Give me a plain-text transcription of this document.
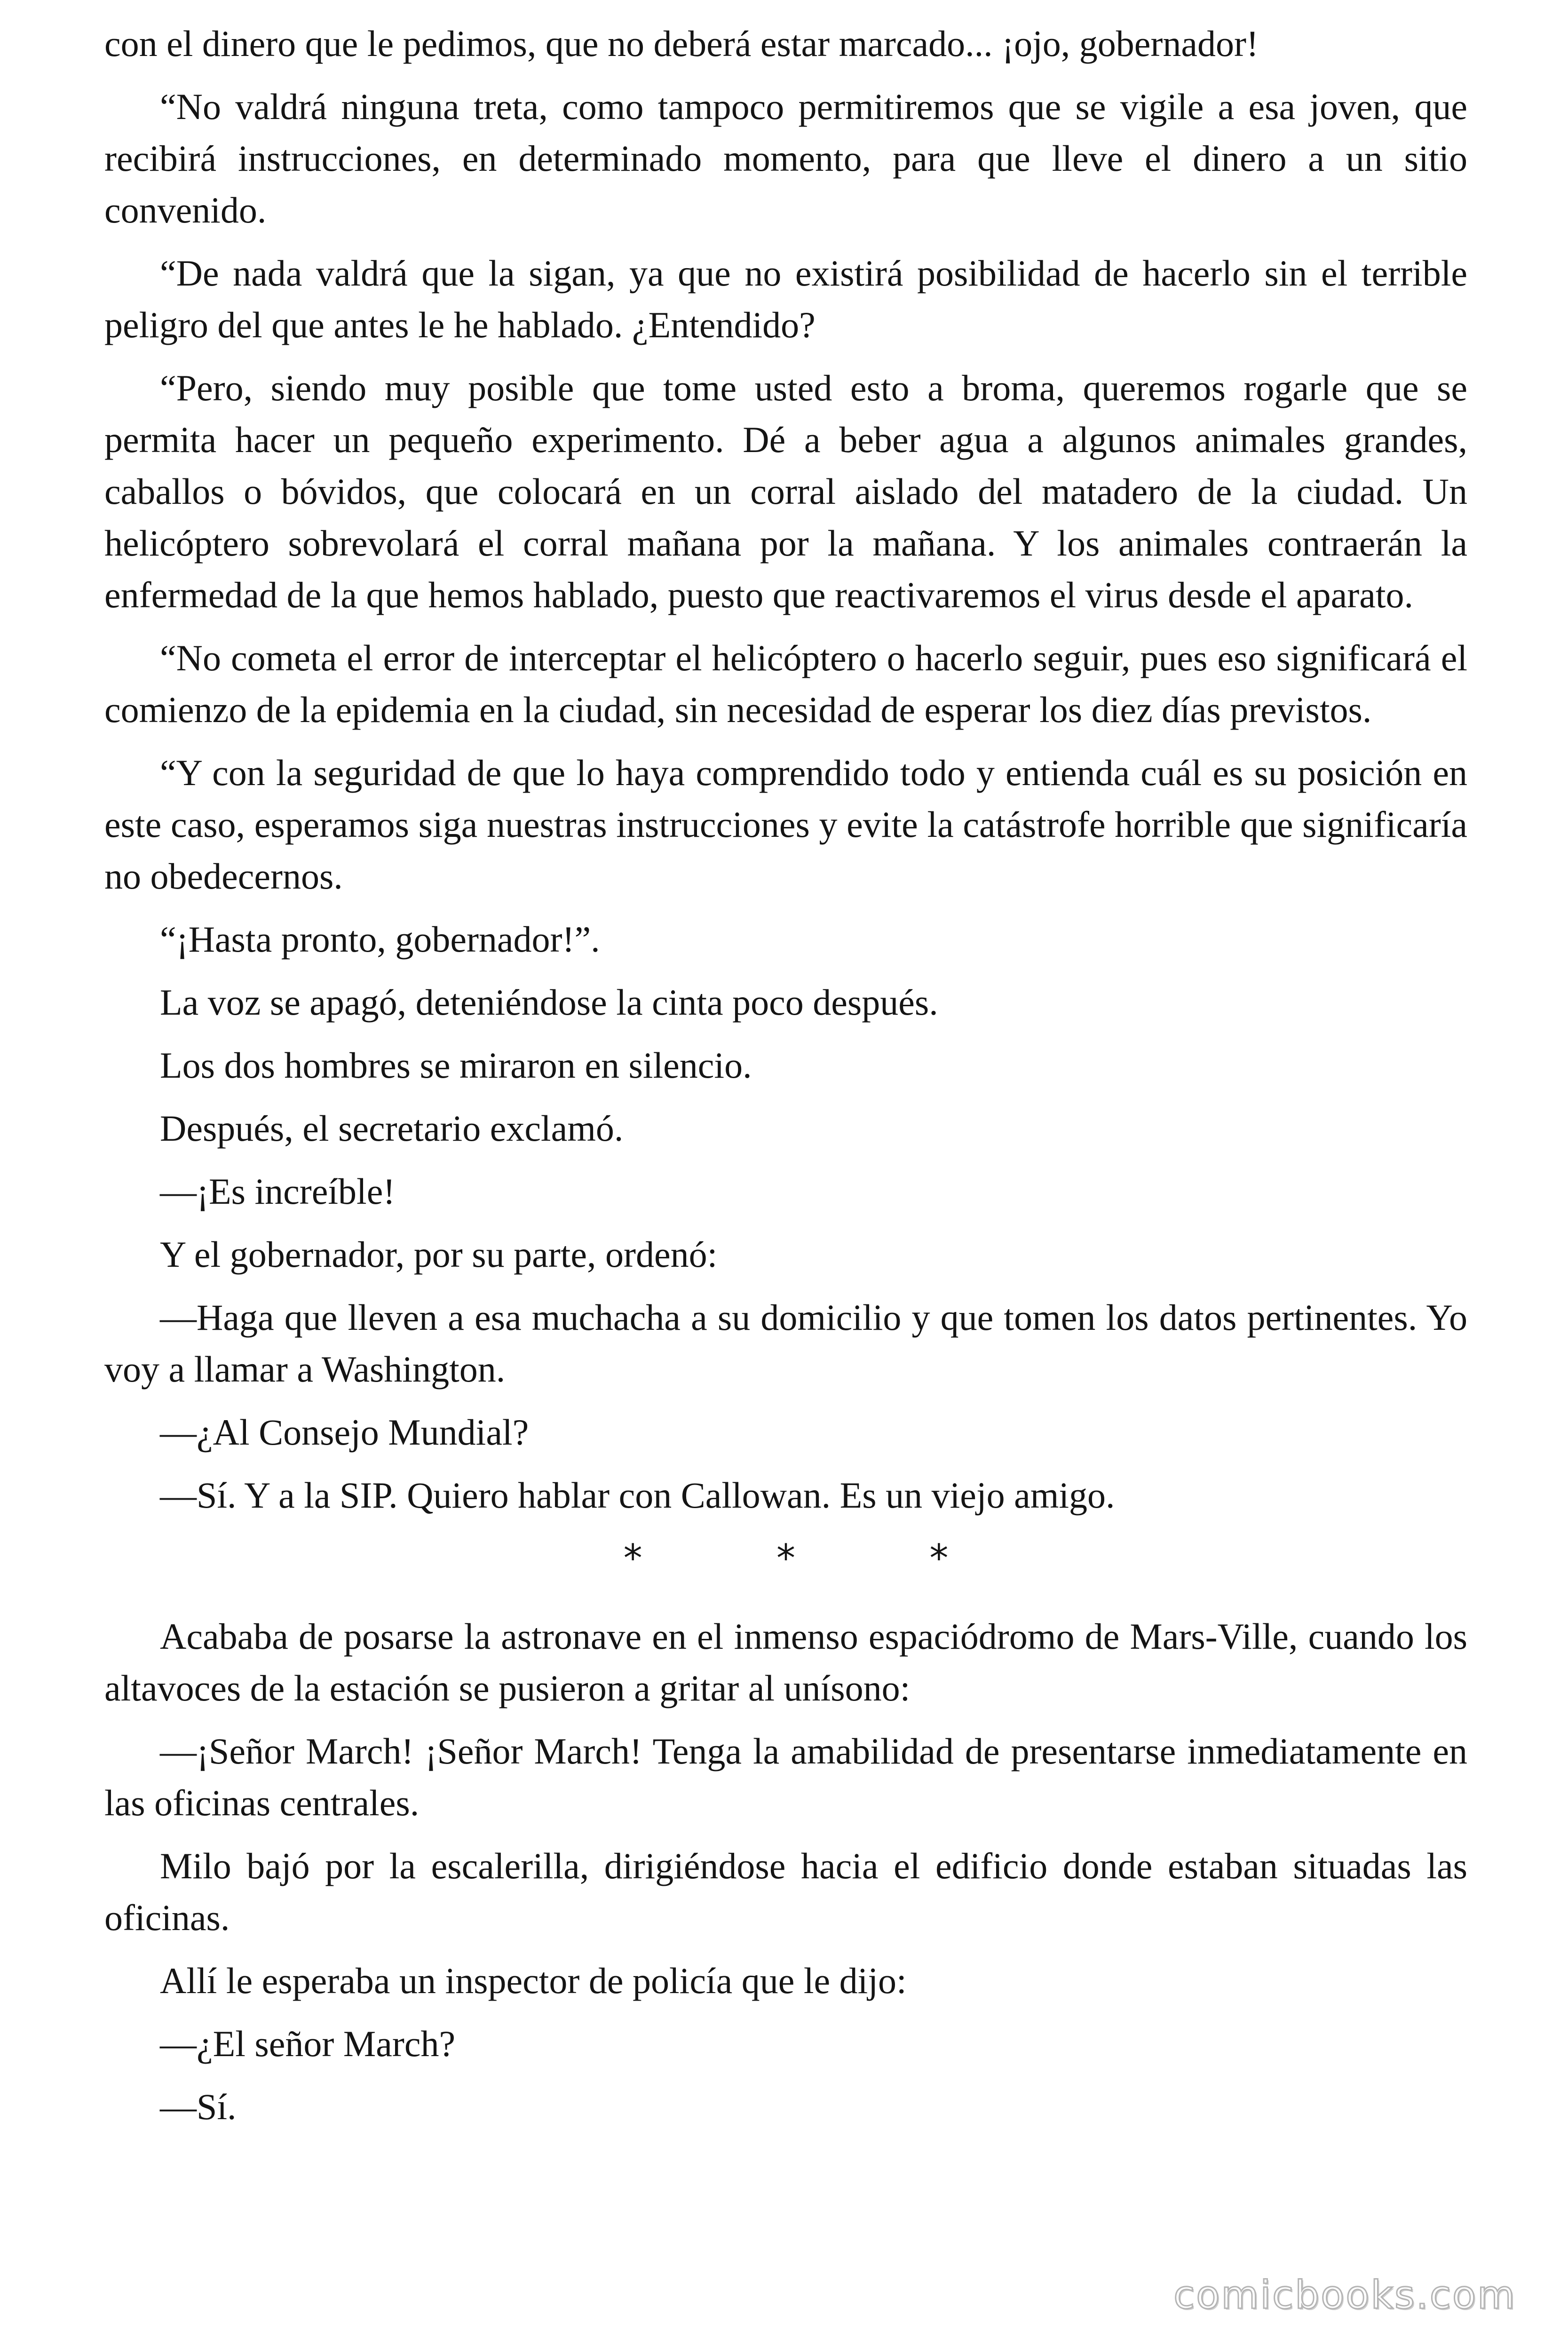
con el dinero que le pedimos, que no deberá estar marcado... ¡ojo, gobernador!

“No valdrá ninguna treta, como tampoco permitiremos que se vigile a esa joven, que recibirá instrucciones, en determinado momento, para que lleve el dinero a un sitio convenido.

“De nada valdrá que la sigan, ya que no existirá posibilidad de hacerlo sin el terrible peligro del que antes le he hablado. ¿Entendido?

“Pero, siendo muy posible que tome usted esto a broma, queremos rogarle que se permita hacer un pequeño experimento. Dé a beber agua a algunos animales grandes, caballos o bóvidos, que colocará en un corral aislado del matadero de la ciudad. Un helicóptero sobrevolará el corral mañana por la mañana. Y los animales contraerán la enfermedad de la que hemos hablado, puesto que reactivaremos el virus desde el aparato.

“No cometa el error de interceptar el helicóptero o hacerlo seguir, pues eso significará el comienzo de la epidemia en la ciudad, sin necesidad de esperar los diez días previstos.

“Y con la seguridad de que lo haya comprendido todo y entienda cuál es su posición en este caso, esperamos siga nuestras instrucciones y evite la catástrofe horrible que significaría no obedecernos.

“¡Hasta pronto, gobernador!”.

La voz se apagó, deteniéndose la cinta poco después.

Los dos hombres se miraron en silencio.

Después, el secretario exclamó.

—¡Es increíble!

Y el gobernador, por su parte, ordenó:

—Haga que lleven a esa muchacha a su domicilio y que tomen los datos pertinentes. Yo voy a llamar a Washington.

—¿Al Consejo Mundial?

—Sí. Y a la SIP. Quiero hablar con Callowan. Es un viejo amigo.

* * *

Acababa de posarse la astronave en el inmenso espaciódromo de Mars-Ville, cuando los altavoces de la estación se pusieron a gritar al unísono:

—¡Señor March! ¡Señor March! Tenga la amabilidad de presentarse inmediatamente en las oficinas centrales.

Milo bajó por la escalerilla, dirigiéndose hacia el edificio donde estaban situadas las oficinas.

Allí le esperaba un inspector de policía que le dijo:

—¿El señor March?

—Sí.

comicbooks.com
